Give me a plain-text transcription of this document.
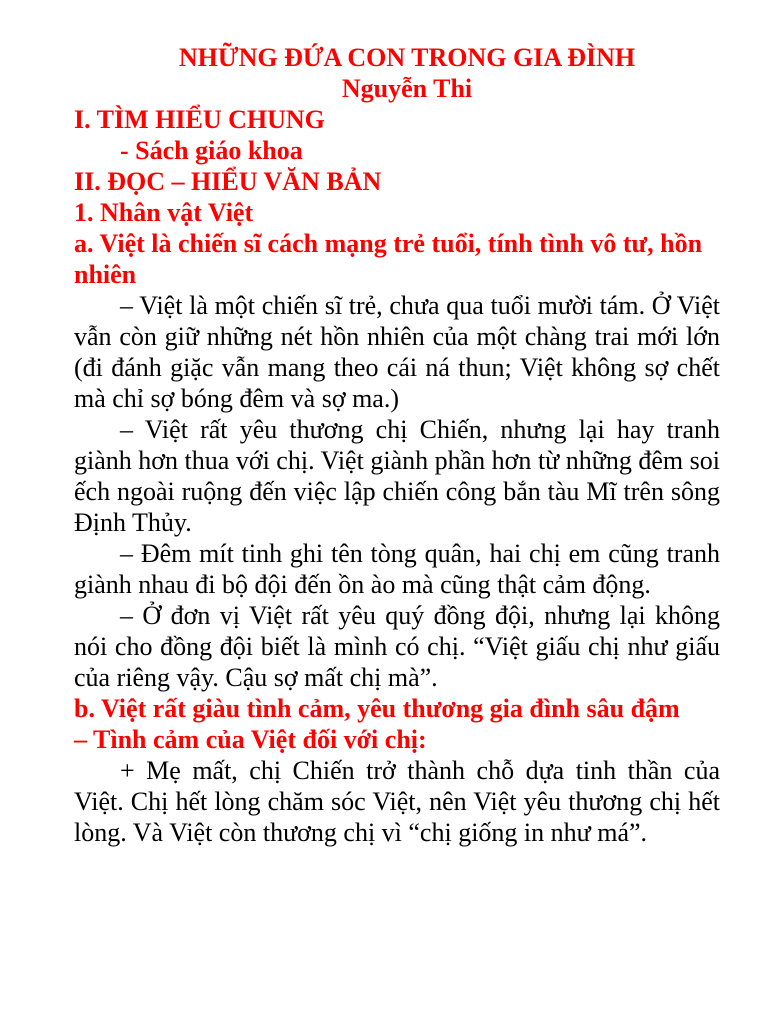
NHỮNG ĐỨA CON TRONG GIA ĐÌNH

Nguyễn Thi

I. TÌM HIỂU CHUNG

- Sách giáo khoa

II. ĐỌC – HIỂU VĂN BẢN

1. Nhân vật Việt

a. Việt là chiến sĩ cách mạng trẻ tuổi, tính tình vô tư, hồn nhiên

– Việt là một chiến sĩ trẻ, chưa qua tuổi mười tám. Ở Việt vẫn còn giữ những nét hồn nhiên của một chàng trai mới lớn (đi đánh giặc vẫn mang theo cái ná thun; Việt không sợ chết mà chỉ sợ bóng đêm và sợ ma.)

– Việt rất yêu thương chị Chiến, nhưng lại hay tranh giành hơn thua với chị. Việt giành phần hơn từ những đêm soi ếch ngoài ruộng đến việc lập chiến công bắn tàu Mĩ trên sông Định Thủy.

– Đêm mít tinh ghi tên tòng quân, hai chị em cũng tranh giành nhau đi bộ đội đến ồn ào mà cũng thật cảm động.

– Ở đơn vị Việt rất yêu quý đồng đội, nhưng lại không nói cho đồng đội biết là mình có chị. “Việt giấu chị như giấu của riêng vậy. Cậu sợ mất chị mà”.

b. Việt rất giàu tình cảm, yêu thương gia đình sâu đậm

– Tình cảm của Việt đối với chị:

+ Mẹ mất, chị Chiến trở thành chỗ dựa tinh thần của Việt. Chị hết lòng chăm sóc Việt, nên Việt yêu thương chị hết lòng. Và Việt còn thương chị vì “chị giống in như má”.
